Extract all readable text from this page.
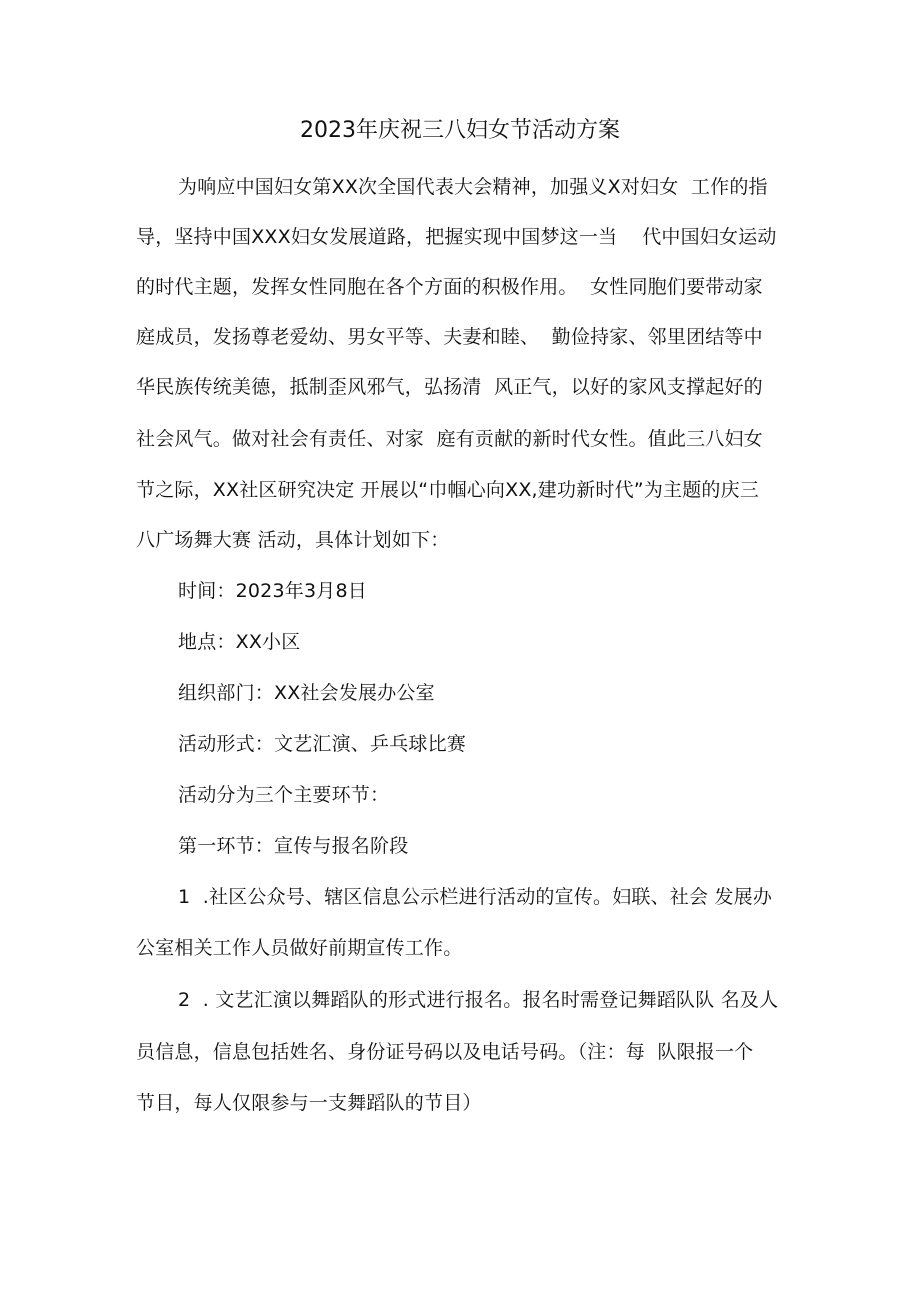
2023年庆祝三八妇女节活动方案

为响应中国妇女第XX次全国代表大会精神，加强义X对妇女  工作的指

导，坚持中国XXX妇女发展道路，把握实现中国梦这一当    代中国妇女运动

的时代主题，发挥女性同胞在各个方面的积极作用。  女性同胞们要带动家

庭成员，发扬尊老爱幼、男女平等、夫妻和睦、  勤俭持家、邻里团结等中

华民族传统美德，抵制歪风邪气，弘扬清  风正气，以好的家风支撑起好的

社会风气。做对社会有责任、对家  庭有贡献的新时代女性。值此三八妇女

节之际，XX社区研究决定 开展以“巾帼心向XX,建功新时代”为主题的庆三

八广场舞大赛 活动，具体计划如下：

时间：2023年3月8日

地点：XX小区

组织部门：XX社会发展办公室

活动形式：文艺汇演、乒乓球比赛

活动分为三个主要环节：

第一环节：宣传与报名阶段

1  .社区公众号、辖区信息公示栏进行活动的宣传。妇联、社会 发展办

公室相关工作人员做好前期宣传工作。

2  . 文艺汇演以舞蹈队的形式进行报名。报名时需登记舞蹈队队 名及人

员信息，信息包括姓名、身份证号码以及电话号码。（注：每  队限报一个

节目，每人仅限参与一支舞蹈队的节目）
